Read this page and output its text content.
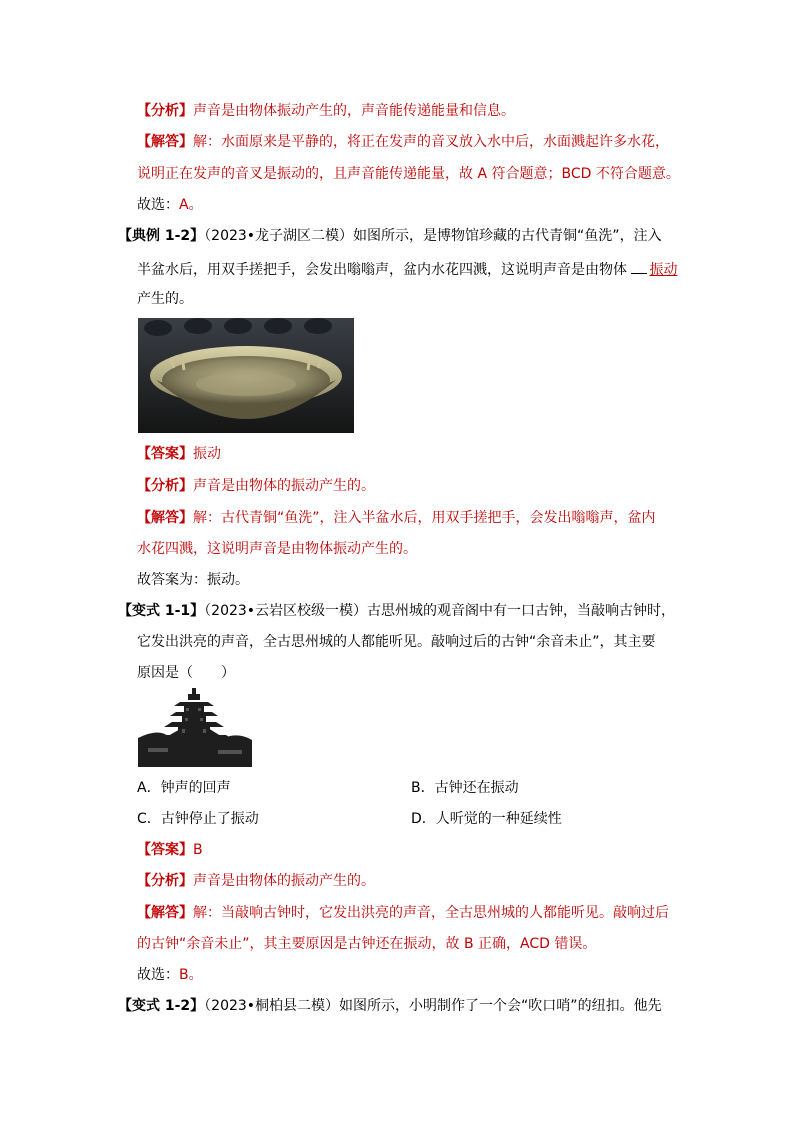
【分析】声音是由物体振动产生的，声音能传递能量和信息。
【解答】解：水面原来是平静的，将正在发声的音叉放入水中后，水面溅起许多水花，
说明正在发声的音叉是振动的，且声音能传递能量，故 A 符合题意；BCD 不符合题意。
故选：A。
【典例 1-2】（2023•龙子湖区二模）如图所示，是博物馆珍藏的古代青铜“鱼洗”，注入
半盆水后，用双手搓把手，会发出嗡嗡声，盆内水花四溅，这说明声音是由物体 振动
产生的。
【答案】振动
【分析】声音是由物体的振动产生的。
【解答】解：古代青铜“鱼洗”，注入半盆水后，用双手搓把手，会发出嗡嗡声，盆内
水花四溅，这说明声音是由物体振动产生的。
故答案为：振动。
【变式 1-1】（2023•云岩区校级一模）古思州城的观音阁中有一口古钟，当敲响古钟时，
它发出洪亮的声音，全古思州城的人都能听见。敲响过后的古钟“余音未止”，其主要
原因是（　　）
A．钟声的回声	B．古钟还在振动
C．古钟停止了振动	D．人听觉的一种延续性
【答案】B
【分析】声音是由物体的振动产生的。
【解答】解：当敲响古钟时，它发出洪亮的声音，全古思州城的人都能听见。敲响过后
的古钟“余音未止”，其主要原因是古钟还在振动，故 B 正确，ACD 错误。
故选：B。
【变式 1-2】（2023•桐柏县二模）如图所示，小明制作了一个会“吹口哨”的纽扣。他先
